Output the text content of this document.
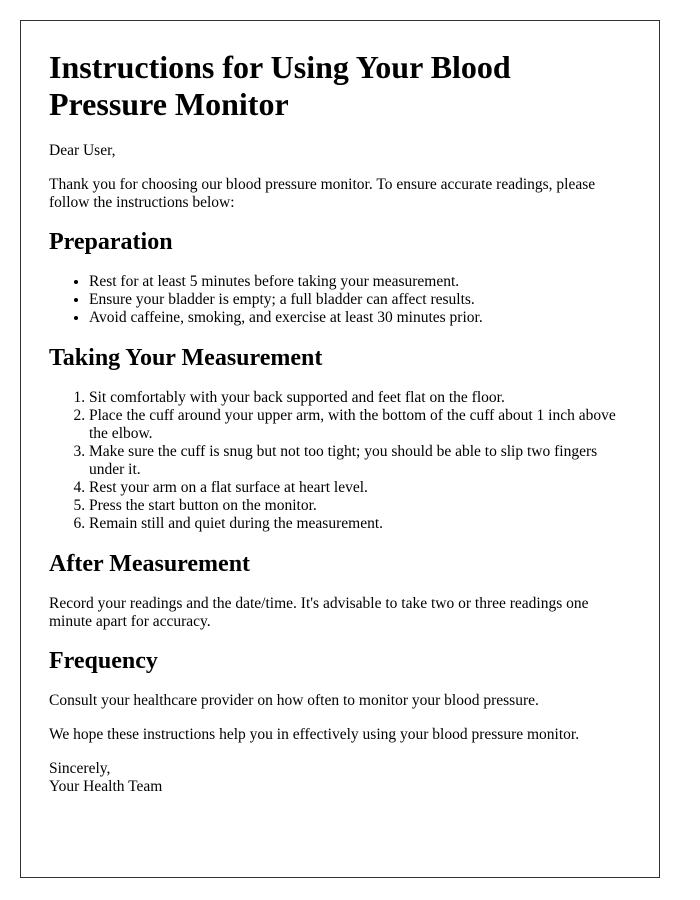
Instructions for Using Your Blood Pressure Monitor

Dear User,

Thank you for choosing our blood pressure monitor. To ensure accurate readings, please follow the instructions below:

Preparation
• Rest for at least 5 minutes before taking your measurement.
• Ensure your bladder is empty; a full bladder can affect results.
• Avoid caffeine, smoking, and exercise at least 30 minutes prior.
Taking Your Measurement
1. Sit comfortably with your back supported and feet flat on the floor.
2. Place the cuff around your upper arm, with the bottom of the cuff about 1 inch above the elbow.
3. Make sure the cuff is snug but not too tight; you should be able to slip two fingers under it.
4. Rest your arm on a flat surface at heart level.
5. Press the start button on the monitor.
6. Remain still and quiet during the measurement.
After Measurement

Record your readings and the date/time. It's advisable to take two or three readings one minute apart for accuracy.

Frequency

Consult your healthcare provider on how often to monitor your blood pressure.

We hope these instructions help you in effectively using your blood pressure monitor.

Sincerely,
Your Health Team
